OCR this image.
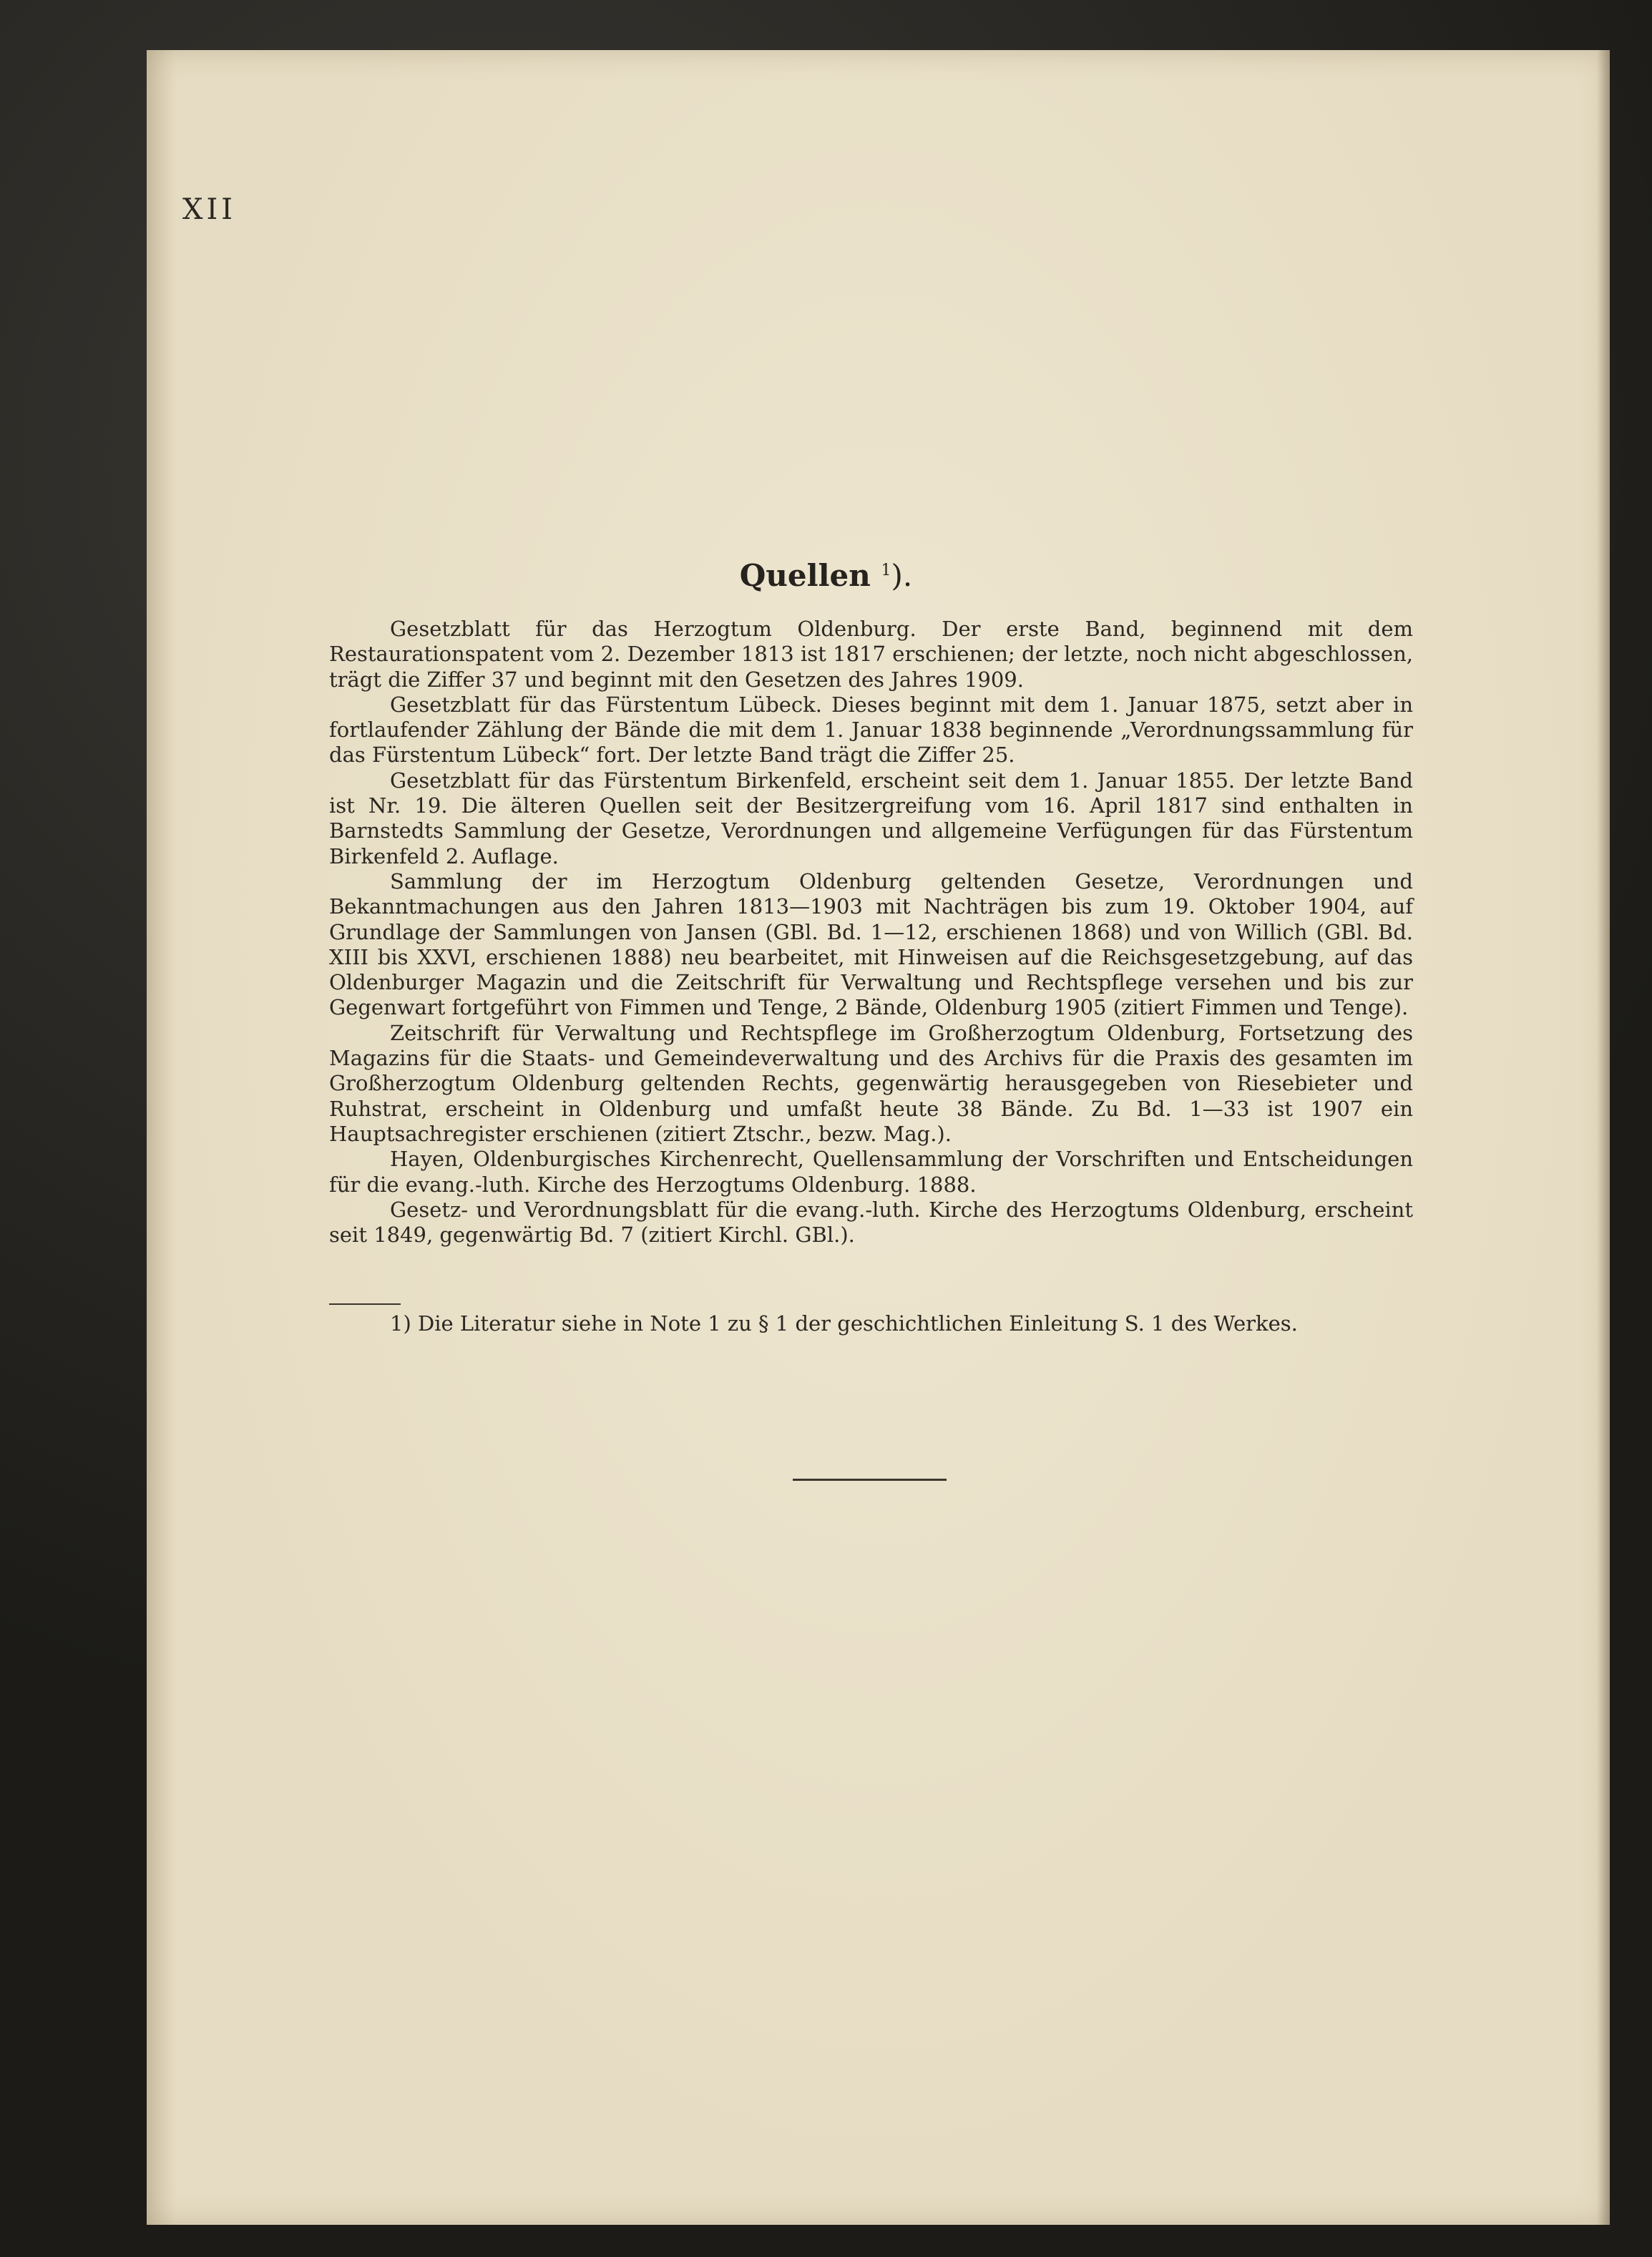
XII
Quellen $^1$).

Gesetzblatt für das Herzogtum Oldenburg. Der erste Band, beginnend mit dem Restaurationspatent vom 2. Dezember 1813 ist 1817 erschienen; der letzte, noch nicht abgeschlossen, trägt die Ziffer 37 und beginnt mit den Gesetzen des Jahres 1909.

Gesetzblatt für das Fürstentum Lübeck. Dieses beginnt mit dem 1. Januar 1875, setzt aber in fortlaufender Zählung der Bände die mit dem 1. Januar 1838 beginnende „Verordnungssammlung für das Fürstentum Lübeck“ fort. Der letzte Band trägt die Ziffer 25.

Gesetzblatt für das Fürstentum Birkenfeld, erscheint seit dem 1. Januar 1855. Der letzte Band ist Nr. 19. Die älteren Quellen seit der Besitzergreifung vom 16. April 1817 sind enthalten in Barnstedts Sammlung der Gesetze, Verordnungen und allgemeine Verfügungen für das Fürstentum Birkenfeld 2. Auflage.

Sammlung der im Herzogtum Oldenburg geltenden Gesetze, Verordnungen und Bekanntmachungen aus den Jahren 1813—1903 mit Nachträgen bis zum 19. Oktober 1904, auf Grundlage der Sammlungen von Jansen (GBl. Bd. 1—12, erschienen 1868) und von Willich (GBl. Bd. XIII bis XXVI, erschienen 1888) neu bearbeitet, mit Hinweisen auf die Reichsgesetzgebung, auf das Oldenburger Magazin und die Zeitschrift für Verwaltung und Rechtspflege versehen und bis zur Gegenwart fortgeführt von Fimmen und Tenge, 2 Bände, Oldenburg 1905 (zitiert Fimmen und Tenge).

Zeitschrift für Verwaltung und Rechtspflege im Großherzogtum Oldenburg, Fortsetzung des Magazins für die Staats- und Gemeindeverwaltung und des Archivs für die Praxis des gesamten im Großherzogtum Oldenburg geltenden Rechts, gegenwärtig herausgegeben von Riesebieter und Ruhstrat, erscheint in Oldenburg und umfaßt heute 38 Bände. Zu Bd. 1—33 ist 1907 ein Hauptsachregister erschienen (zitiert Ztschr., bezw. Mag.).

Hayen, Oldenburgisches Kirchenrecht, Quellensammlung der Vorschriften und Entscheidungen für die evang.-luth. Kirche des Herzogtums Oldenburg. 1888.

Gesetz- und Verordnungsblatt für die evang.-luth. Kirche des Herzogtums Oldenburg, erscheint seit 1849, gegenwärtig Bd. 7 (zitiert Kirchl. GBl.).

1) Die Literatur siehe in Note 1 zu § 1 der geschichtlichen Einleitung S. 1 des Werkes.
